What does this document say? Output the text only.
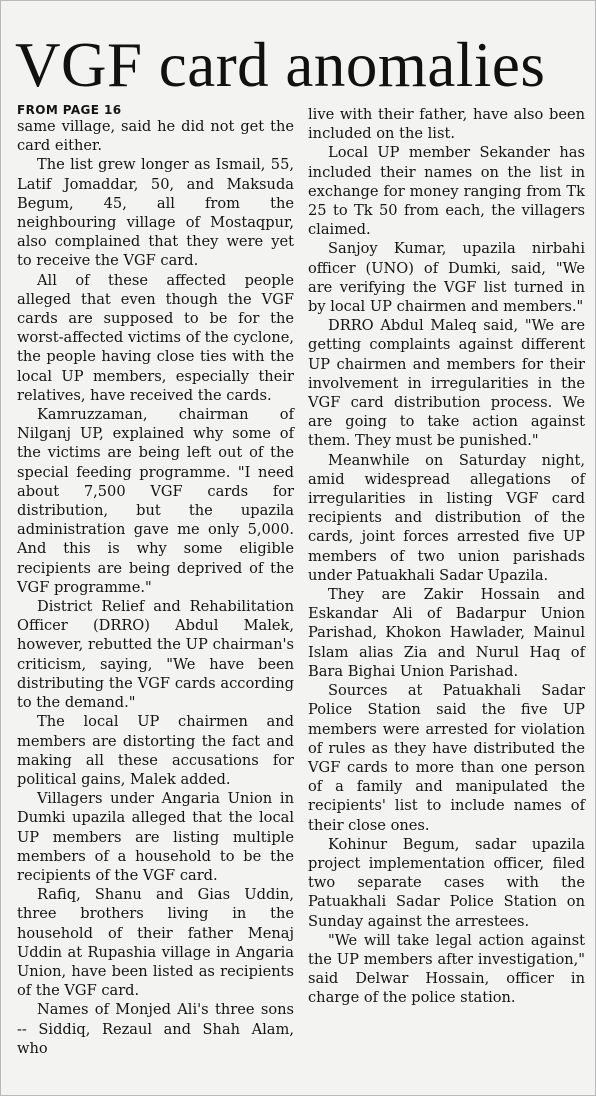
VGF card anomalies

FROM PAGE 16

same village, said he did not get the card either.

The list grew longer as Ismail, 55, Latif Jomaddar, 50, and Maksuda Begum, 45, all from the neighbouring village of Mostaqpur, also complained that they were yet to receive the VGF card.

All of these affected people alleged that even though the VGF cards are supposed to be for the worst-affected victims of the cyclone, the people having close ties with the local UP members, especially their relatives, have received the cards.

Kamruzzaman, chairman of Nilganj UP, explained why some of the victims are being left out of the special feeding programme. "I need about 7,500 VGF cards for distribution, but the upazila administration gave me only 5,000. And this is why some eligible recipients are being deprived of the VGF programme."

District Relief and Rehabilitation Officer (DRRO) Abdul Malek, however, rebutted the UP chairman's criticism, saying, "We have been distributing the VGF cards according to the demand."

The local UP chairmen and members are distorting the fact and making all these accusations for political gains, Malek added.

Villagers under Angaria Union in Dumki upazila alleged that the local UP members are listing multiple members of a household to be the recipients of the VGF card.

Rafiq, Shanu and Gias Uddin, three brothers living in the household of their father Menaj Uddin at Rupashia village in Angaria Union, have been listed as recipients of the VGF card.

Names of Monjed Ali's three sons -- Siddiq, Rezaul and Shah Alam, who

live with their father, have also been included on the list.

Local UP member Sekander has included their names on the list in exchange for money ranging from Tk 25 to Tk 50 from each, the villagers claimed.

Sanjoy Kumar, upazila nirbahi officer (UNO) of Dumki, said, "We are verifying the VGF list turned in by local UP chairmen and members."

DRRO Abdul Maleq said, "We are getting complaints against different UP chairmen and members for their involvement in irregularities in the VGF card distribution process. We are going to take action against them. They must be punished."

Meanwhile on Saturday night, amid widespread allegations of irregularities in listing VGF card recipients and distribution of the cards, joint forces arrested five UP members of two union parishads under Patuakhali Sadar Upazila.

They are Zakir Hossain and Eskandar Ali of Badarpur Union Parishad, Khokon Hawlader, Mainul Islam alias Zia and Nurul Haq of Bara Bighai Union Parishad.

Sources at Patuakhali Sadar Police Station said the five UP members were arrested for violation of rules as they have distributed the VGF cards to more than one person of a family and manipulated the recipients' list to include names of their close ones.

Kohinur Begum, sadar upazila project implementation officer, filed two separate cases with the Patuakhali Sadar Police Station on Sunday against the arrestees.

"We will take legal action against the UP members after investigation," said Delwar Hossain, officer in charge of the police station.
